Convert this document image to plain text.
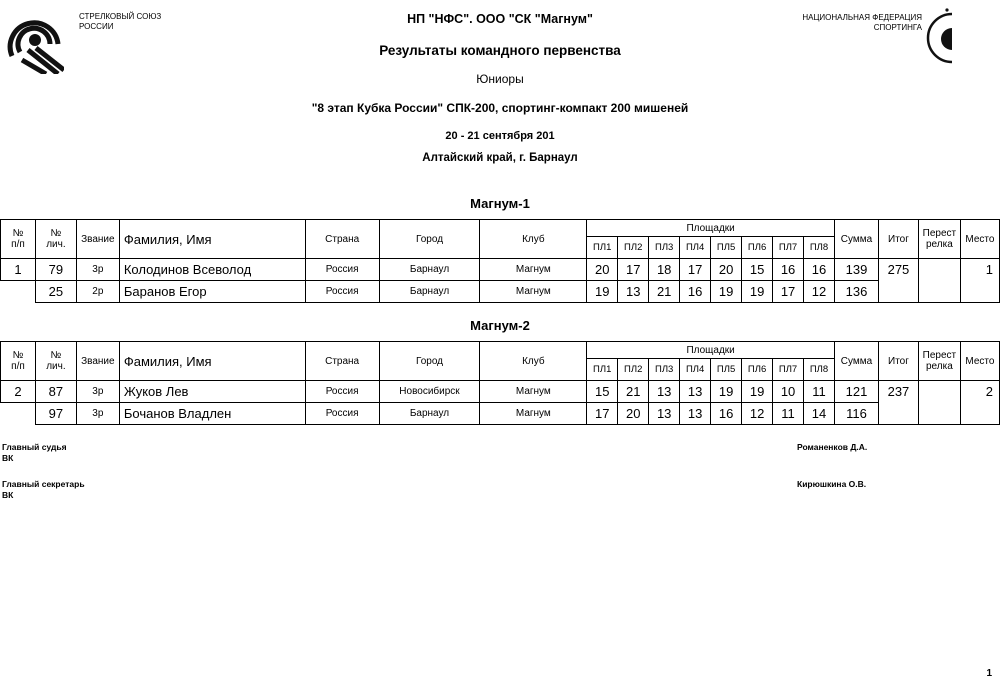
СТРЕЛКОВЫЙ СОЮЗ
РОССИИ
НАЦИОНАЛЬНАЯ ФЕДЕРАЦИЯ
СПОРТИНГА
НП "НФС". ООО "СК "Магнум"
Результаты командного первенства
Юниоры
"8 этап Кубка России" СПК-200, спортинг-компакт 200 мишеней
20 - 21 сентября 201
Алтайский край, г. Барнаул
Магнум-1
№
п/п	№
лич.	Звание	Фамилия, Имя	Страна	Город	Клуб	Площадки								Сумма	Итог	Перест
релка	Место
							ПЛ1	ПЛ2	ПЛ3	ПЛ4	ПЛ5	ПЛ6	ПЛ7	ПЛ8				
1	79	3р	Колодинов Всеволод	Россия	Барнаул	Магнум	20	17	18	17	20	15	16	16	139	275		1
	25	2р	Баранов Егор	Россия	Барнаул	Магнум	19	13	21	16	19	19	17	12	136			
Магнум-2
№
п/п	№
лич.	Звание	Фамилия, Имя	Страна	Город	Клуб	Площадки								Сумма	Итог	Перест
релка	Место
							ПЛ1	ПЛ2	ПЛ3	ПЛ4	ПЛ5	ПЛ6	ПЛ7	ПЛ8				
2	87	3р	Жуков Лев	Россия	Новосибирск	Магнум	15	21	13	13	19	19	10	11	121	237		2
	97	3р	Бочанов Владлен	Россия	Барнаул	Магнум	17	20	13	13	16	12	11	14	116			
Главный судья
ВК
Романенков Д.А.
Главный секретарь
ВК
Кирюшкина О.В.
1
